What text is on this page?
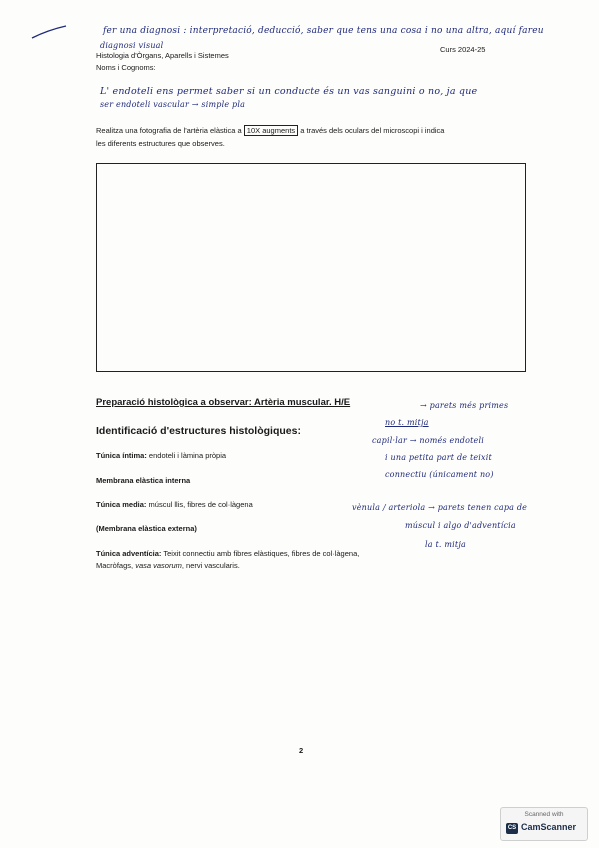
fer una diagnosi : interpretació, deducció, saber que tens una cosa i no una altra, aquí fareu
diagnosi visual
Histologia d'Òrgans, Aparells i Sistemes
Curs 2024-25
Noms i Cognoms:
L' endoteli ens permet saber si un conducte és un vas sanguini o no, ja que
ser endoteli vascular → simple pla
Realitza una fotografia de l'artèria elàstica a 10X augments a través dels oculars del microscopi i indica
les diferents estructures que observes.
Preparació histològica a observar: Artèria muscular. H/E	→ parets més primes
Identificació d'estructures histològiques:
no t. mitja
capil·lar → només endoteli
i una petita part de teixit
connectiu (únicament no)
Túnica íntima: endoteli i làmina pròpia
Membrana elàstica interna
Túnica media: múscul llis, fibres de col·làgena	vènula / arteriola → parets tenen capa de
múscul i algo d'adventícia
la t. mitja
(Membrana elàstica externa)
Túnica adventícia: Teixit connectiu amb fibres elàstiques, fibres de col·làgena,
Macròfags, vasa vasorum, nervi vascularis.
2
Scanned with
CS CamScanner
